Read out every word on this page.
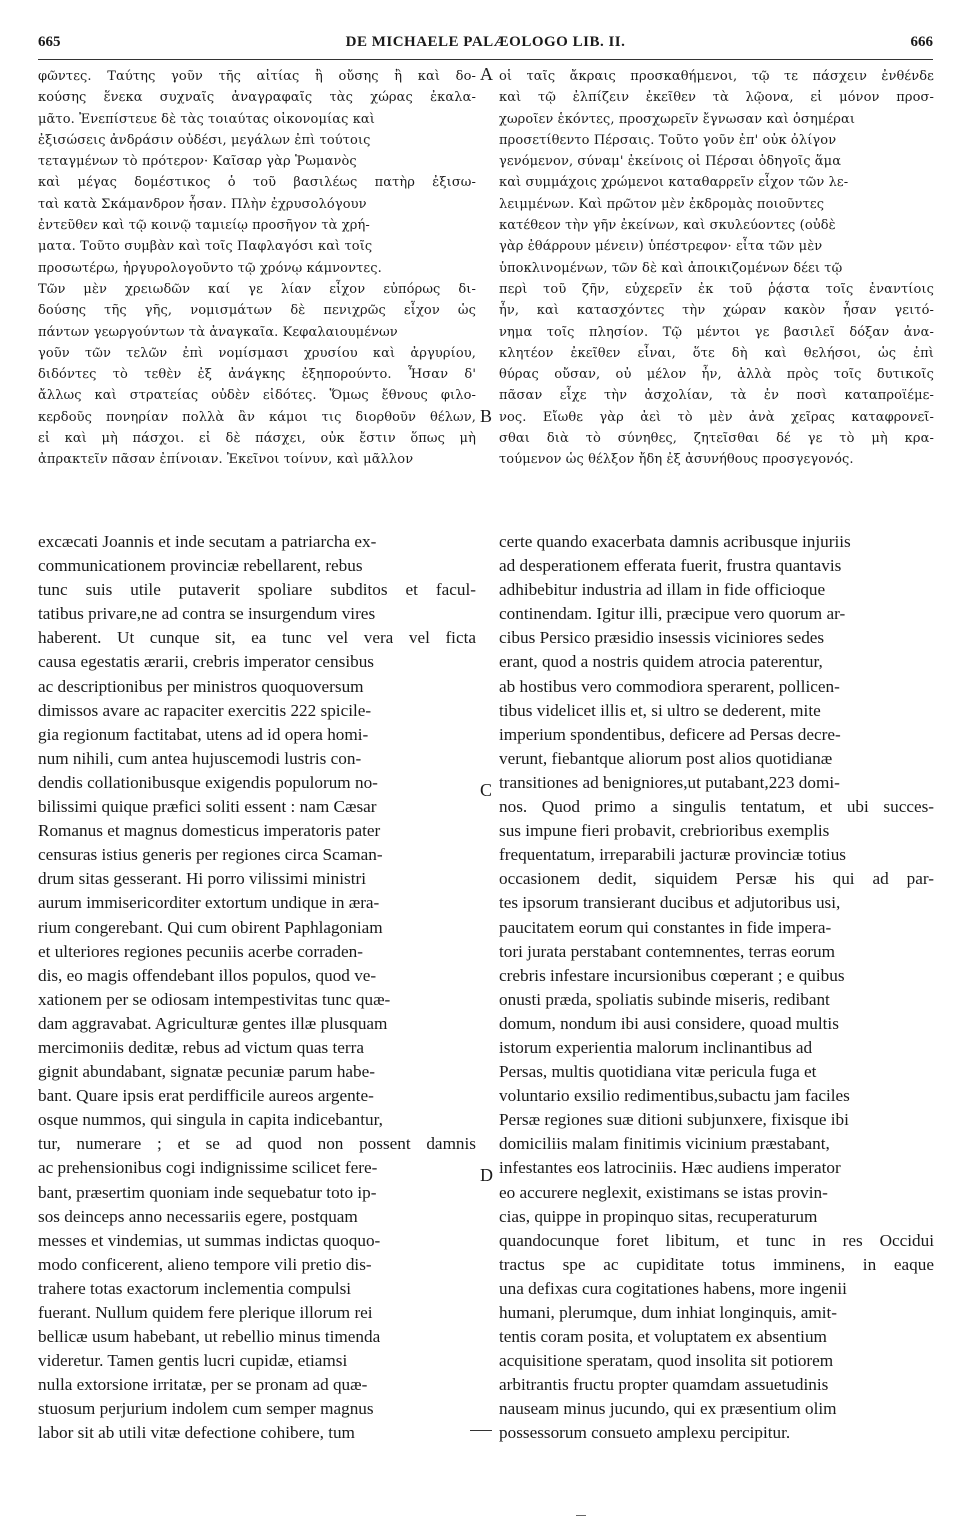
665	DE MICHAELE PALÆOLOGO LIB. II.	666
φῶντες. Ταύτης γοῦν τῆς αἰτίας ἢ οὔσης ἢ καὶ δο-
κούσης ἕνεκα συχναῖς ἀναγραφαῖς τὰς χώρας ἐκαλα-
μᾶτο. Ἐνεπίστευε δὲ τὰς τοιαύτας οἰκονομίας καὶ
ἐξισώσεις ἀνδράσιν οὐδέσι, μεγάλων ἐπὶ τούτοις
τεταγμένων τὸ πρότερον· Καῖσαρ γὰρ Ῥωμανὸς
καὶ μέγας δομέστικος ὁ τοῦ βασιλέως πατὴρ ἐξισω-
ταὶ κατὰ Σκάμανδρον ἦσαν. Πλὴν ἐχρυσολόγουν
ἐντεῦθεν καὶ τῷ κοινῷ ταμιείῳ προσῆγον τὰ χρή-
ματα. Τοῦτο συμβὰν καὶ τοῖς Παφλαγόσι καὶ τοῖς
προσωτέρω, ἠργυρολογοῦντο τῷ χρόνῳ κάμνοντες.
Τῶν μὲν χρειωδῶν καί γε λίαν εἶχον εὐπόρως δι-
δούσης τῆς γῆς, νομισμάτων δὲ πενιχρῶς εἶχον ὡς
πάντων γεωργούντων τὰ ἀναγκαῖα. Κεφαλαιουμένων
γοῦν τῶν τελῶν ἐπὶ νομίσμασι χρυσίου καὶ ἀργυρίου,
διδόντες τὸ τεθὲν ἐξ ἀνάγκης ἐξηπορούντο. Ἦσαν δ'
ἄλλως καὶ στρατείας οὐδὲν εἰδότες. Ὅμως ἔθνους φιλο-
κερδοῦς πονηρίαν πολλὰ ἂν κάμοι τις διορθοῦν θέλων,
εἰ καὶ μὴ πάσχοι. εἰ δὲ πάσχει, οὐκ ἔστιν ὅπως μὴ
ἀπρακτεῖν πᾶσαν ἐπίνοιαν. Ἐκεῖνοι τοίνυν, καὶ μᾶλλον
οἱ ταῖς ἄκραις προσκαθήμενοι, τῷ τε πάσχειν ἐνθένδε
καὶ τῷ ἐλπίζειν ἐκεῖθεν τὰ λῷονα, εἰ μόνον προσ-
χωροῖεν ἑκόντες, προσχωρεῖν ἔγνωσαν καὶ ὁσημέραι
προσετίθεντο Πέρσαις. Τοῦτο γοῦν ἐπ' οὐκ ὀλίγον
γενόμενον, σύναμ' ἐκείνοις οἱ Πέρσαι ὁδηγοῖς ἅμα
καὶ συμμάχοις χρώμενοι καταθαρρεῖν εἶχον τῶν λε-
λειμμένων. Καὶ πρῶτον μὲν ἐκδρομὰς ποιοῦντες
κατέθεον τὴν γῆν ἐκείνων, καὶ σκυλεύοντες (οὐδὲ
γὰρ ἐθάρρουν μένειν) ὑπέστρεφον· εἶτα τῶν μὲν
ὑποκλινομένων, τῶν δὲ καὶ ἀποικιζομένων δέει τῷ
περὶ τοῦ ζῆν, εὐχερεῖν ἐκ τοῦ ῥᾴστα τοῖς ἐναντίοις
ἦν, καὶ κατασχόντες τὴν χώραν κακὸν ἦσαν γειτό-
νημα τοῖς πλησίον. Τῷ μέντοι γε βασιλεῖ δόξαν ἀνα-
κλητέον ἐκεῖθεν εἶναι, ὅτε δὴ καὶ θελήσοι, ὡς ἐπὶ
θύρας οὔσαν, οὐ μέλον ἦν, ἀλλὰ πρὸς τοῖς δυτικοῖς
πᾶσαν εἶχε τὴν ἀσχολίαν, τὰ ἐν ποσὶ καταπροϊέμε-
νος. Εἴωθε γὰρ ἀεὶ τὸ μὲν ἀνὰ χεῖρας καταφρονεῖ-
σθαι διὰ τὸ σύνηθες, ζητεῖσθαι δέ γε τὸ μὴ κρα-
τούμενον ὡς θέλξον ἤδη ἐξ ἀσυνήθους προσγεγονός.
excæcati Joannis et inde secutam a patriarcha ex-
communicationem provinciæ rebellarent, rebus
tunc suis utile putaverit spoliare subditos et facul-
tatibus privare,ne ad contra se insurgendum vires
haberent. Ut cunque sit, ea tunc vel vera vel ficta
causa egestatis ærarii, crebris imperator censibus
ac descriptionibus per ministros quoquoversum
dimissos avare ac rapaciter exercitis 222 spicile-
gia regionum factitabat, utens ad id opera homi-
num nihili, cum antea hujuscemodi lustris con-
dendis collationibusque exigendis populorum no-
bilissimi quique præfici soliti essent : nam Cæsar
Romanus et magnus domesticus imperatoris pater
censuras istius generis per regiones circa Scaman-
drum sitas gesserant. Hi porro vilissimi ministri
aurum immisericorditer extortum undique in æra-
rium congerebant. Qui cum obirent Paphlagoniam
et ulteriores regiones pecuniis acerbe corraden-
dis, eo magis offendebant illos populos, quod ve-
xationem per se odiosam intempestivitas tunc quæ-
dam aggravabat. Agriculturæ gentes illæ plusquam
mercimoniis deditæ, rebus ad victum quas terra
gignit abundabant, signatæ pecuniæ parum habe-
bant. Quare ipsis erat perdifficile aureos argente-
osque nummos, qui singula in capita indicebantur,
tur, numerare ; et se ad quod non possent damnis
ac prehensionibus cogi indignissime scilicet fere-
bant, præsertim quoniam inde sequebatur toto ip-
sos deinceps anno necessariis egere, postquam
messes et vindemias, ut summas indictas quoquo-
modo conficerent, alieno tempore vili pretio dis-
trahere totas exactorum inclementia compulsi
fuerant. Nullum quidem fere plerique illorum rei
bellicæ usum habebant, ut rebellio minus timenda
videretur. Tamen gentis lucri cupidæ, etiamsi
nulla extorsione irritatæ, per se pronam ad quæ-
stuosum perjurium indolem cum semper magnus
labor sit ab utili vitæ defectione cohibere, tum
certe quando exacerbata damnis acribusque injuriis
ad desperationem efferata fuerit, frustra quantavis
adhibebitur industria ad illam in fide officioque
continendam. Igitur illi, præcipue vero quorum ar-
cibus Persico præsidio insessis viciniores sedes
erant, quod a nostris quidem atrocia paterentur,
ab hostibus vero commodiora sperarent, pollicen-
tibus videlicet illis et, si ultro se dederent, mite
imperium spondentibus, deficere ad Persas decre-
verunt, fiebantque aliorum post alios quotidianæ
transitiones ad benigniores,ut putabant,223 domi-
nos. Quod primo a singulis tentatum, et ubi succes-
sus impune fieri probavit, crebrioribus exemplis
frequentatum, irreparabili jacturæ provinciæ totius
occasionem dedit, siquidem Persæ his qui ad par-
tes ipsorum transierant ducibus et adjutoribus usi,
paucitatem eorum qui constantes in fide impera-
tori jurata perstabant contemnentes, terras eorum
crebris infestare incursionibus cœperant ; e quibus
onusti præda, spoliatis subinde miseris, redibant
domum, nondum ibi ausi considere, quoad multis
istorum experientia malorum inclinantibus ad
Persas, multis quotidiana vitæ pericula fuga et
voluntario exsilio redimentibus,subactu jam faciles
Persæ regiones suæ ditioni subjunxere, fixisque ibi
domiciliis malam finitimis vicinium præstabant,
infestantes eos latrociniis. Hæc audiens imperator
eo accurere neglexit, existimans se istas provin-
cias, quippe in propinquo sitas, recuperaturum
quandocunque foret libitum, et tunc in res Occidui
tractus spe ac cupiditate totus imminens, in eaque
una defixas cura cogitationes habens, more ingenii
humani, plerumque, dum inhiat longinquis, amit-
tentis coram posita, et voluptatem ex absentium
acquisitione speratam, quod insolita sit potiorem
arbitrantis fructu propter quamdam assuetudinis
nauseam minus jucundo, qui ex præsentium olim
possessorum consueto amplexu percipitur.
A
B
C
D
